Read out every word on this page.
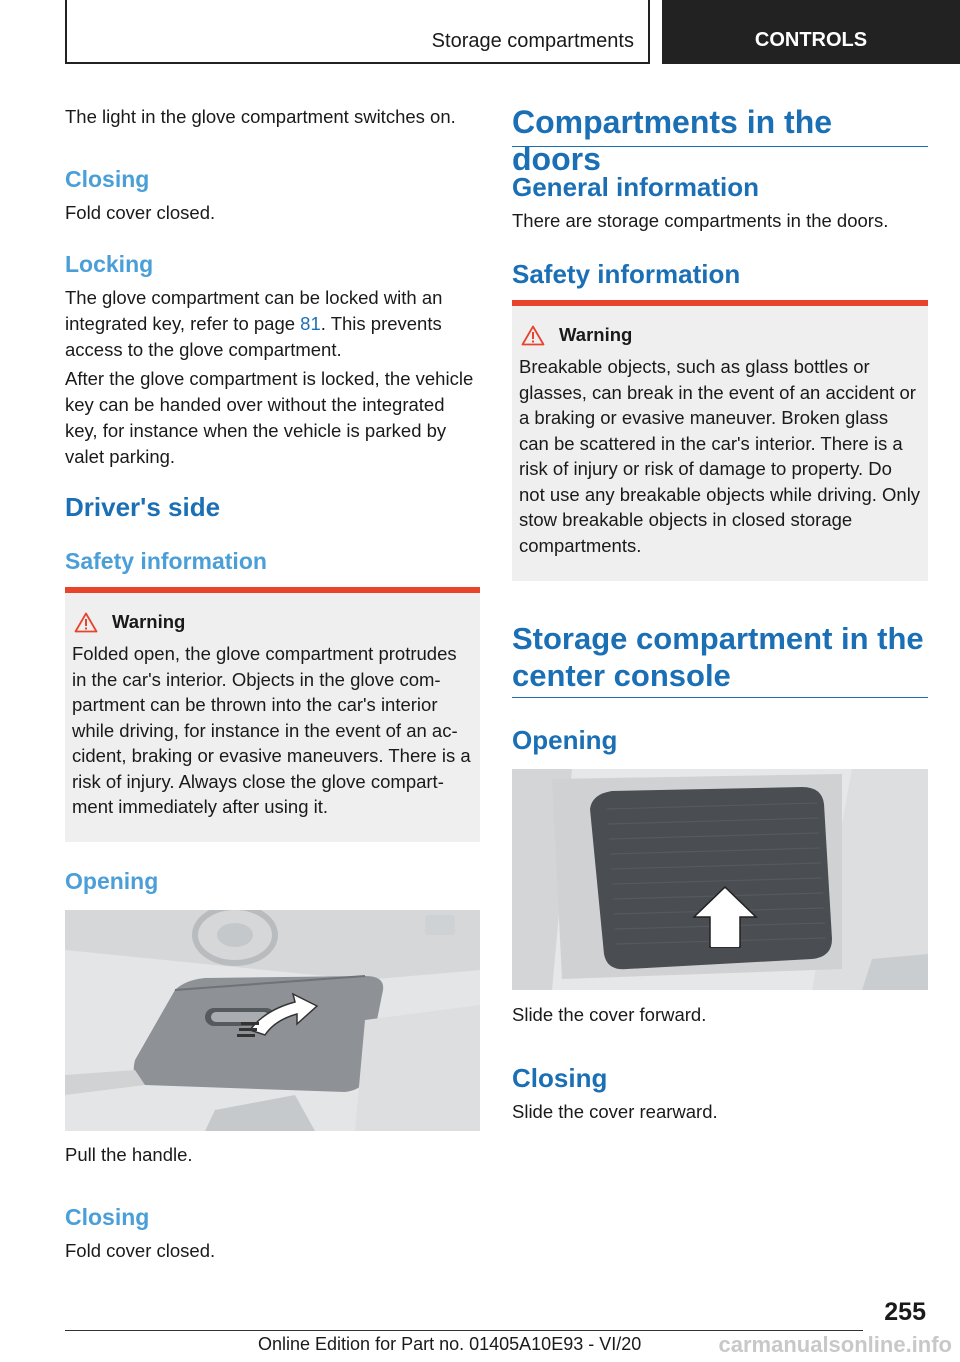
Storage compartments	CONTROLS

The light in the glove compartment switches on.

Closing

Fold cover closed.

Locking

The glove compartment can be locked with an integrated key, refer to page 81. This prevents access to the glove compartment.

After the glove compartment is locked, the vehicle key can be handed over without the integrated key, for instance when the vehicle is parked by valet parking.

Driver's side
Safety information
Warning

Folded open, the glove compartment protrudes in the car's interior. Objects in the glove compartment can be thrown into the car's interior while driving, for instance in the event of an accident, braking or evasive maneuvers. There is a risk of injury. Always close the glove compartment immediately after using it.

Opening

Pull the handle.

Closing

Fold cover closed.

Compartments in the doors
General information

There are storage compartments in the doors.

Safety information
Warning

Breakable objects, such as glass bottles or glasses, can break in the event of an accident or a braking or evasive maneuver. Broken glass can be scattered in the car's interior. There is a risk of injury or risk of damage to property. Do not use any breakable objects while driving. Only stow breakable objects in closed storage compartments.

Storage compartment in the center console
Opening

Slide the cover forward.

Closing

Slide the cover rearward.

255
Online Edition for Part no. 01405A10E93 - VI/20	carmanualsonline.info
